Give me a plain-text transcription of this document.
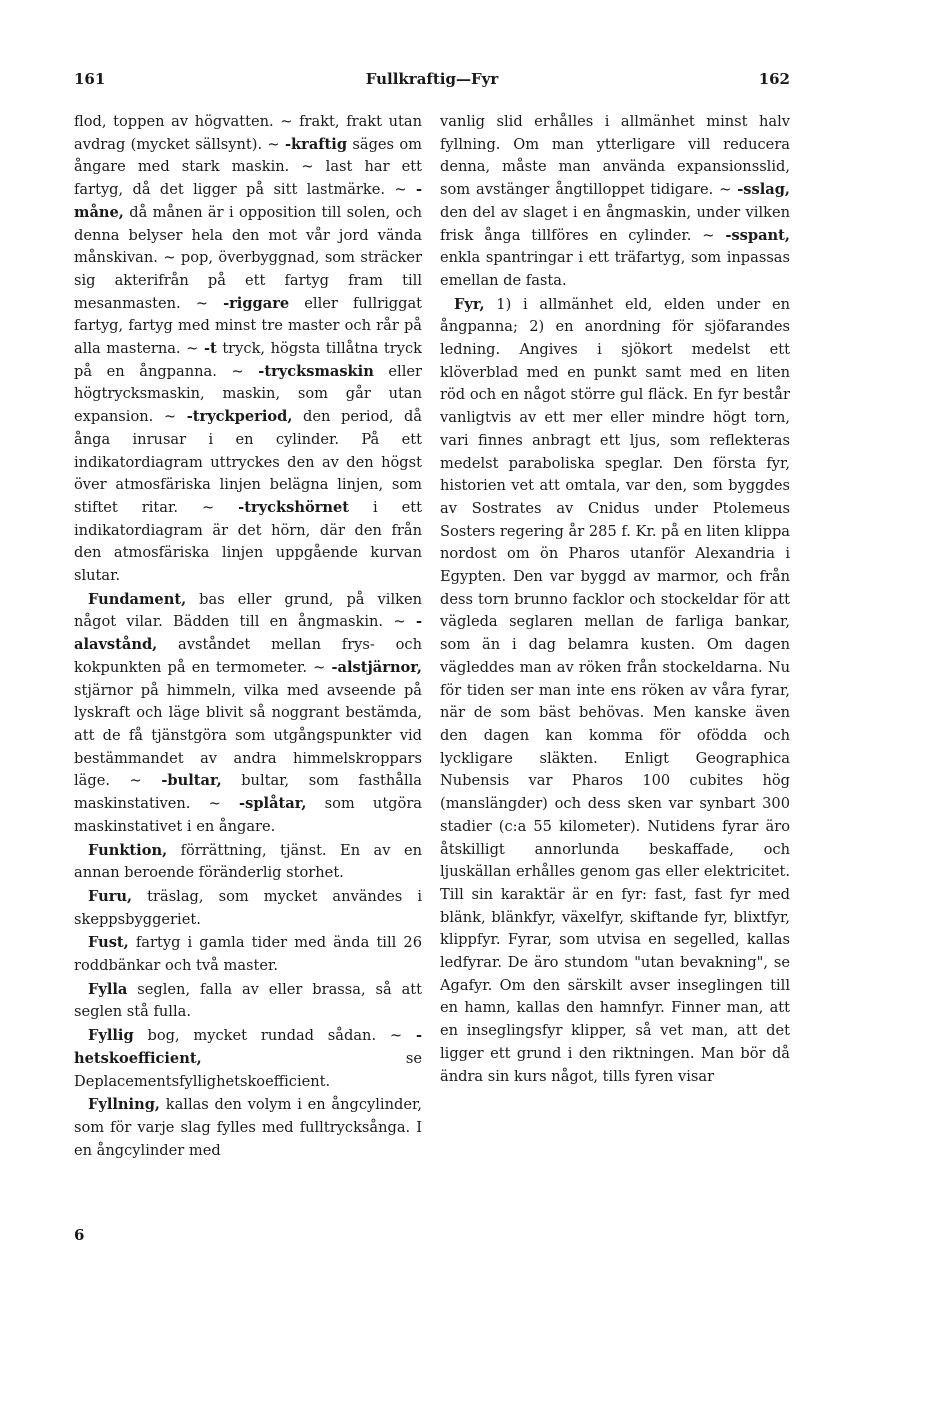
161	Fullkraftig—Fyr	162

flod, toppen av högvatten. ~ frakt, frakt utan avdrag (mycket sällsynt). ~ -kraftig säges om ångare med stark maskin. ~ last har ett fartyg, då det ligger på sitt lastmärke. ~ -måne, då månen är i opposition till solen, och denna belyser hela den mot vår jord vända månskivan. ~ pop, överbyggnad, som sträcker sig akterifrån på ett fartyg fram till mesanmasten. ~ -riggare eller fullriggat fartyg, fartyg med minst tre master och rår på alla masterna. ~ -t tryck, högsta tillåtna tryck på en ångpanna. ~ -trycksmaskin eller högtrycksmaskin, maskin, som går utan expansion. ~ -tryckperiod, den period, då ånga inrusar i en cylinder. På ett indikatordiagram uttryckes den av den högst över atmosfäriska linjen belägna linjen, som stiftet ritar. ~ -tryckshörnet i ett indikatordiagram är det hörn, där den från den atmosfäriska linjen uppgående kurvan slutar.

Fundament, bas eller grund, på vilken något vilar. Bädden till en ångmaskin. ~ -alavstånd, avståndet mellan frys- och kokpunkten på en termometer. ~ -alstjärnor, stjärnor på himmeln, vilka med avseende på lyskraft och läge blivit så noggrant bestämda, att de få tjänstgöra som utgångspunkter vid bestämmandet av andra himmelskroppars läge. ~ -bultar, bultar, som fasthålla maskinstativen. ~ -splåtar, som utgöra maskinstativet i en ångare.

Funktion, förrättning, tjänst. En av en annan beroende föränderlig storhet.

Furu, träslag, som mycket användes i skeppsbyggeriet.

Fust, fartyg i gamla tider med ända till 26 roddbänkar och två master.

Fylla seglen, falla av eller brassa, så att seglen stå fulla.

Fyllig bog, mycket rundad sådan. ~ -hetskoefficient, se Deplacementsfyllighetskoefficient.

Fyllning, kallas den volym i en ångcylinder, som för varje slag fylles med fulltrycksånga. I en ångcylinder med

vanlig slid erhålles i allmänhet minst halv fyllning. Om man ytterligare vill reducera denna, måste man använda expansionsslid, som avstänger ångtilloppet tidigare. ~ -sslag, den del av slaget i en ångmaskin, under vilken frisk ånga tillföres en cylinder. ~ -sspant, enkla spantringar i ett träfartyg, som inpassas emellan de fasta.

Fyr, 1) i allmänhet eld, elden under en ångpanna; 2) en anordning för sjöfarandes ledning. Angives i sjökort medelst ett klöverblad med en punkt samt med en liten röd och en något större gul fläck. En fyr består vanligtvis av ett mer eller mindre högt torn, vari finnes anbragt ett ljus, som reflekteras medelst paraboliska speglar. Den första fyr, historien vet att omtala, var den, som byggdes av Sostrates av Cnidus under Ptolemeus Sosters regering år 285 f. Kr. på en liten klippa nordost om ön Pharos utanför Alexandria i Egypten. Den var byggd av marmor, och från dess torn brunno facklor och stockeldar för att vägleda seglaren mellan de farliga bankar, som än i dag belamra kusten. Om dagen vägleddes man av röken från stockeldarna. Nu för tiden ser man inte ens röken av våra fyrar, när de som bäst behövas. Men kanske även den dagen kan komma för ofödda och lyckligare släkten. Enligt Geographica Nubensis var Pharos 100 cubites hög (manslängder) och dess sken var synbart 300 stadier (c:a 55 kilometer). Nutidens fyrar äro åtskilligt annorlunda beskaffade, och ljuskällan erhålles genom gas eller elektricitet. Till sin karaktär är en fyr: fast, fast fyr med blänk, blänkfyr, växelfyr, skiftande fyr, blixtfyr, klippfyr. Fyrar, som utvisa en segelled, kallas ledfyrar. De äro stundom "utan bevakning", se Agafyr. Om den särskilt avser inseglingen till en hamn, kallas den hamnfyr. Finner man, att en inseglingsfyr klipper, så vet man, att det ligger ett grund i den riktningen. Man bör då ändra sin kurs något, tills fyren visar

6
